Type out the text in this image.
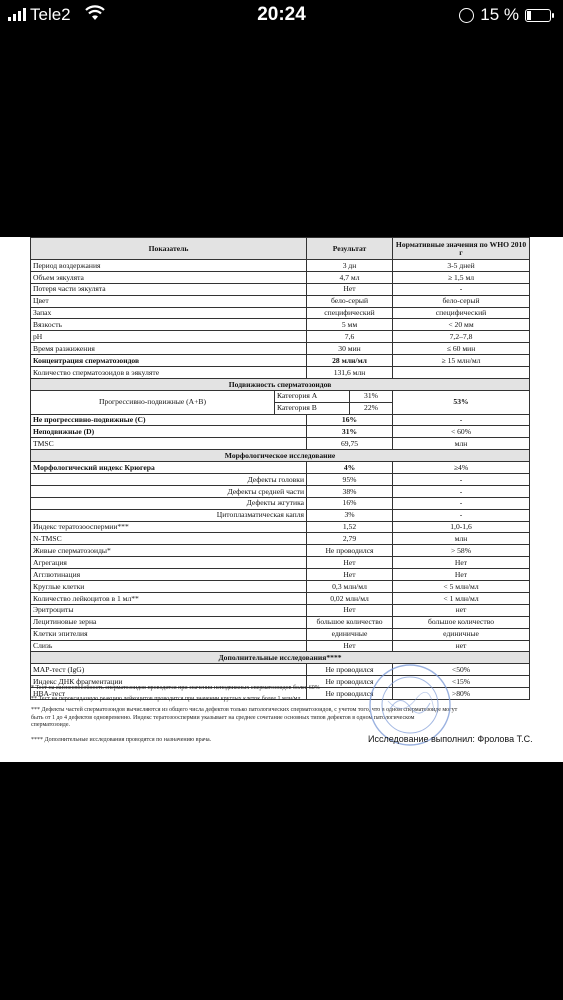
Tele2	20:24	15 %
Показатель		Результат		Нормативные значения по WHO 2010 г	
Период воздержания		3 дн		3-5 дней	
Объем эякулята		4,7 мл		≥ 1,5 мл	
Потеря части эякулята		Нет		-	
Цвет		бело-серый		бело-серый	
Запах		специфический		специфический	
Вязкость		5 мм		< 20 мм	
pH		7,6		7,2–7,8	
Время разжижения		30 мин		≤ 60 мин	
Концентрация сперматозоидов		28 млн/мл		≥ 15 млн/мл	
Количество сперматозоидов в эякуляте		131,6 млн			
Подвижность сперматозоидов					
Прогрессивно-подвижные (A+B)	Категория A		31%	53%	
	Категория B		22%		
Не прогрессивно-подвижные (C)		16%		-	
Неподвижные (D)		31%		< 60%	
TMSC		69,75		млн	
Морфологическое исследование					
Морфологический индекс Крюгера		4%		≥4%	
Дефекты головки		95%		-	
Дефекты средней части		38%		-	
Дефекты жгутика		16%		-	
Цитоплазматическая капля		3%		-	
Индекс тератозооспермии***		1,52		1,0-1,6	
N-TMSC		2,79		млн	
Живые сперматозоиды*		Не проводился		> 58%	
Агрегация		Нет		Нет	
Агглютинация		Нет		Нет	
Круглые клетки		0,3 млн/мл		< 5 млн/мл	
Количество лейкоцитов в 1 мл**		0,02 млн/мл		< 1 млн/мл	
Эритроциты		Нет		нет	
Лецитиновые зерна		большое количество		большое количество	
Клетки эпителия		единичные		единичные	
Слизь		Нет		нет	
Дополнительные исследования****					
MAP-тест (IgG)		Не проводился		<50%	
Индекс ДНК фрагментации		Не проводился		<15%	
HBA-тест		Не проводился		>80%	
* Тест на жизнеспособность сперматозоидов проводится при значении неподвижных сперматозоидов более 60%
** Тест на пероксидазную реакцию лейкоцитов проводится при значении круглых клеток более 1 млн/мл
*** Дефекты частей сперматозоидов вычисляются из общего числа дефектов только патологических сперматозоидов, с учетом того, что в одном сперматозоиде могут
быть от 1 до 4 дефектов одновременно. Индекс тератозооспермии указывает на среднее сочетание основных типов дефектов в одном патологическом
сперматозоиде.
**** Дополнительные исследования проводятся по назначению врача.	Исследование выполнил: Фролова Т.С.
